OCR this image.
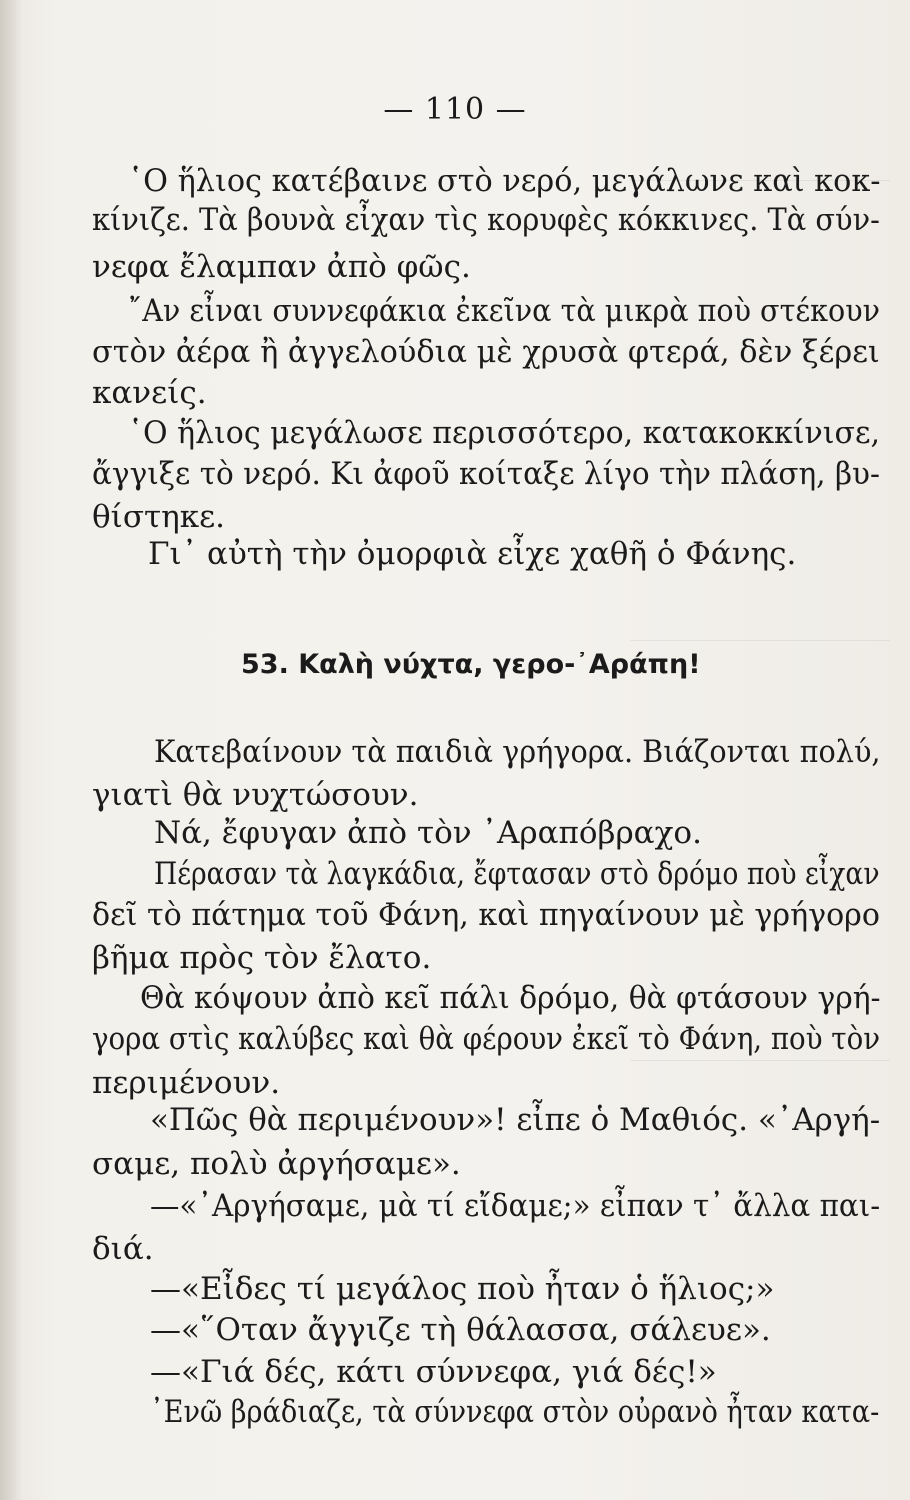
— 110 —
῾Ο ἥλιος κατέβαινε στὸ νερό, μεγάλωνε καὶ κοκ-
κίνιζε. Τὰ βουνὰ εἶχαν τὶς κορυφὲς κόκκινες. Τὰ σύν-
νεφα ἔλαμπαν ἀπὸ φῶς.
῎Αν εἶναι συννεφάκια ἐκεῖνα τὰ μικρὰ ποὺ στέκουν
στὸν ἀέρα ἢ ἀγγελούδια μὲ χρυσὰ φτερά, δὲν ξέρει
κανείς.
῾Ο ἥλιος μεγάλωσε περισσότερο, κατακοκκίνισε,
ἄγγιξε τὸ νερό. Κι ἀφοῦ κοίταξε λίγο τὴν πλάση, βυ-
θίστηκε.
Γι᾿ αὐτὴ τὴν ὀμορφιὰ εἶχε χαθῆ ὁ Φάνης.
53. Καλὴ νύχτα, γερο-᾿Αράπη!
Κατεβαίνουν τὰ παιδιὰ γρήγορα. Βιάζονται πολύ,
γιατὶ θὰ νυχτώσουν.
Νά, ἔφυγαν ἀπὸ τὸν ᾿Αραπόβραχο.
Πέρασαν τὰ λαγκάδια, ἔφτασαν στὸ δρόμο ποὺ εἶχαν
δεῖ τὸ πάτημα τοῦ Φάνη, καὶ πηγαίνουν μὲ γρήγορο
βῆμα πρὸς τὸν ἔλατο.
Θὰ κόψουν ἀπὸ κεῖ πάλι δρόμο, θὰ φτάσουν γρή-
γορα στὶς καλύβες καὶ θὰ φέρουν ἐκεῖ τὸ Φάνη, ποὺ τὸν
περιμένουν.
«Πῶς θὰ περιμένουν»! εἶπε ὁ Μαθιός. «᾿Αργή-
σαμε, πολὺ ἀργήσαμε».
—«᾿Αργήσαμε, μὰ τί εἴδαμε;» εἶπαν τ᾿ ἄλλα παι-
διά.
—«Εἶδες τί μεγάλος ποὺ ἦταν ὁ ἥλιος;»
—«῞Οταν ἄγγιζε τὴ θάλασσα, σάλευε».
—«Γιά δές, κάτι σύννεφα, γιά δές!»
᾿Ενῶ βράδιαζε, τὰ σύννεφα στὸν οὐρανὸ ἦταν κατα-
